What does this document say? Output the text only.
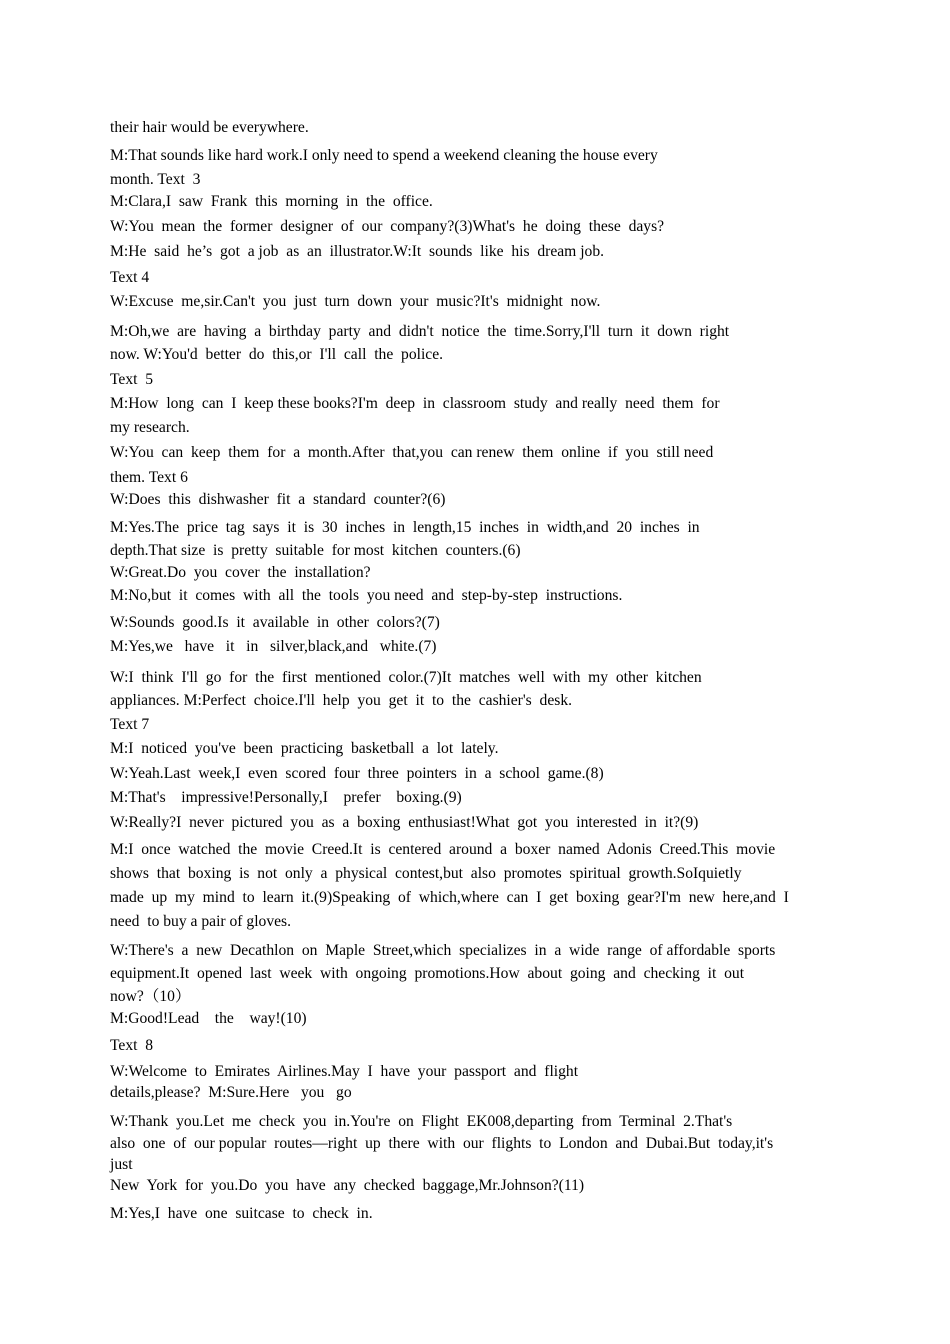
their hair would be everywhere.
M:That sounds like hard work.I only need to spend a weekend cleaning the house every
month. Text  3
M:Clara,I  saw  Frank  this  morning  in  the  office.
W:You  mean  the  former  designer  of  our  company?(3)What's  he  doing  these  days?
M:He  said  he’s  got  a job  as  an  illustrator.W:It  sounds  like  his  dream job.
Text 4
W:Excuse  me,sir.Can't  you  just  turn  down  your  music?It's  midnight  now.
M:Oh,we  are  having  a  birthday  party  and  didn't  notice  the  time.Sorry,I'll  turn  it  down  right
now. W:You'd  better  do  this,or  I'll  call  the  police.
Text  5
M:How  long  can  I  keep these books?I'm  deep  in  classroom  study  and really  need  them  for
my research.
W:You  can  keep  them  for  a  month.After  that,you  can renew  them  online  if  you  still need
them. Text 6
W:Does  this  dishwasher  fit  a  standard  counter?(6)
M:Yes.The  price  tag  says  it  is  30  inches  in  length,15  inches  in  width,and  20  inches  in
depth.That size  is  pretty  suitable  for most  kitchen  counters.(6)
W:Great.Do  you  cover  the  installation?
M:No,but  it  comes  with  all  the  tools  you need  and  step-by-step  instructions.
W:Sounds  good.Is  it  available  in  other  colors?(7)
M:Yes,we   have   it   in   silver,black,and   white.(7)
W:I  think  I'll  go  for  the  first  mentioned  color.(7)It  matches  well  with  my  other  kitchen
appliances. M:Perfect  choice.I'll  help  you  get  it  to  the  cashier's  desk.
Text 7
M:I  noticed  you've  been  practicing  basketball  a  lot  lately.
W:Yeah.Last  week,I  even  scored  four  three  pointers  in  a  school  game.(8)
M:That's    impressive!Personally,I    prefer    boxing.(9)
W:Really?I  never  pictured  you  as  a  boxing  enthusiast!What  got  you  interested  in  it?(9)
M:I  once  watched  the  movie  Creed.It  is  centered  around  a  boxer  named  Adonis  Creed.This  movie
shows  that  boxing  is  not  only  a  physical  contest,but  also  promotes  spiritual  growth.SoIquietly
made  up  my  mind  to  learn  it.(9)Speaking  of  which,where  can  I  get  boxing  gear?I'm  new  here,and  I
need  to buy a pair of gloves.
W:There's  a  new  Decathlon  on  Maple  Street,which  specializes  in  a  wide  range  of affordable  sports
equipment.It  opened  last  week  with  ongoing  promotions.How  about  going  and  checking  it  out
now?（10）
M:Good!Lead    the    way!(10)
Text  8
W:Welcome  to  Emirates  Airlines.May  I  have  your  passport  and  flight
details,please?  M:Sure.Here   you   go
W:Thank  you.Let  me  check  you  in.You're  on  Flight  EK008,departing  from  Terminal  2.That's
also  one  of  our popular  routes—right  up  there  with  our  flights  to  London  and  Dubai.But  today,it's
just
New  York  for  you.Do  you  have  any  checked  baggage,Mr.Johnson?(11)
M:Yes,I  have  one  suitcase  to  check  in.
